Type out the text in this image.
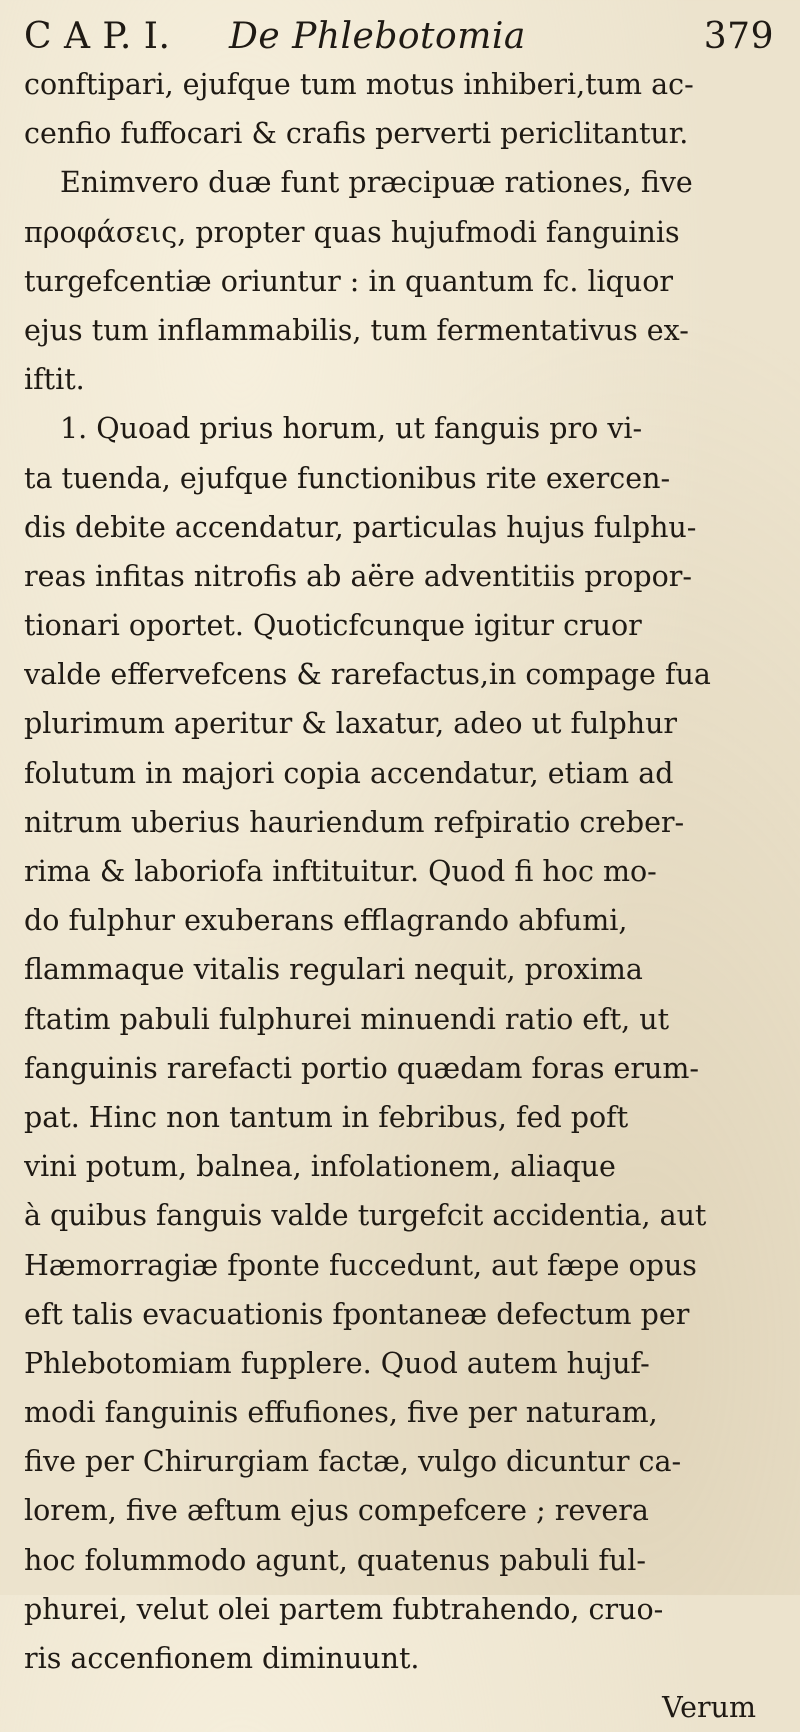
C A P. I. De Phlebotomia	379
conftipari, ejufque tum motus inhiberi,tum ac-
cenfio fuffocari & crafis perverti periclitantur.
Enimvero duæ funt præcipuæ rationes, five
προφάσεις, propter quas hujufmodi fanguinis
turgefcentiæ oriuntur : in quantum fc. liquor
ejus tum inflammabilis, tum fermentativus ex-
iftit.
1. Quoad prius horum, ut fanguis pro vi-
ta tuenda, ejufque functionibus rite exercen-
dis debite accendatur, particulas hujus fulphu-
reas infitas nitrofis ab aëre adventitiis propor-
tionari oportet. Quoticfcunque igitur cruor
valde effervefcens & rarefactus,in compage fua
plurimum aperitur & laxatur, adeo ut fulphur
folutum in majori copia accendatur, etiam ad
nitrum uberius hauriendum refpiratio creber-
rima & laboriofa inftituitur. Quod fi hoc mo-
do fulphur exuberans efflagrando abfumi,
flammaque vitalis regulari nequit, proxima
ftatim pabuli fulphurei minuendi ratio eft, ut
fanguinis rarefacti portio quædam foras erum-
pat. Hinc non tantum in febribus, fed poft
vini potum, balnea, infolationem, aliaque
à quibus fanguis valde turgefcit accidentia, aut
Hæmorragiæ fponte fuccedunt, aut fæpe opus
eft talis evacuationis fpontaneæ defectum per
Phlebotomiam fupplere. Quod autem hujuf-
modi fanguinis effufiones, five per naturam,
five per Chirurgiam factæ, vulgo dicuntur ca-
lorem, five æftum ejus compefcere ; revera
hoc folummodo agunt, quatenus pabuli ful-
phurei, velut olei partem fubtrahendo, cruo-
ris accenfionem diminuunt.
Verum
